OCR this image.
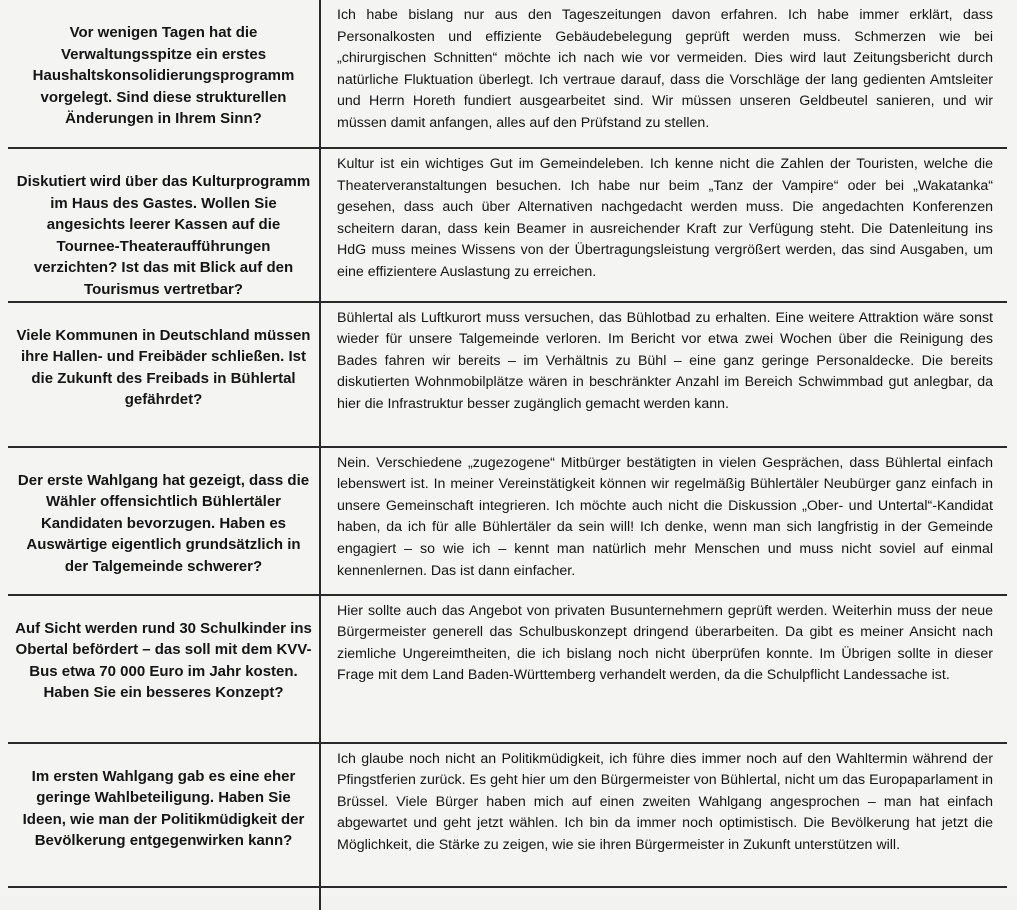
Vor wenigen Tagen hat die Verwaltungsspitze ein erstes Haushaltskonsolidierungsprogramm vorgelegt. Sind diese strukturellen Änderungen in Ihrem Sinn?	Ich habe bislang nur aus den Tageszeitungen davon erfahren. Ich habe immer erklärt, dass Personalkosten und effiziente Gebäudebelegung geprüft werden muss. Schmerzen wie bei „chirurgischen Schnitten“ möchte ich nach wie vor vermeiden. Dies wird laut Zeitungsbericht durch natürliche Fluktuation überlegt. Ich vertraue darauf, dass die Vorschläge der lang gedienten Amtsleiter und Herrn Horeth fundiert ausgearbeitet sind. Wir müssen unseren Geldbeutel sanieren, und wir müssen damit anfangen, alles auf den Prüfstand zu stellen.

Diskutiert wird über das Kulturprogramm im Haus des Gastes. Wollen Sie angesichts leerer Kassen auf die Tournee-Theateraufführungen verzichten? Ist das mit Blick auf den Tourismus vertretbar?	Kultur ist ein wichtiges Gut im Gemeindeleben. Ich kenne nicht die Zahlen der Touristen, welche die Theaterveranstaltungen besuchen. Ich habe nur beim „Tanz der Vampire“ oder bei „Wakatanka“ gesehen, dass auch über Alternativen nachgedacht werden muss. Die angedachten Konferenzen scheitern daran, dass kein Beamer in ausreichender Kraft zur Verfügung steht. Die Datenleitung ins HdG muss meines Wissens von der Übertragungsleistung vergrößert werden, das sind Ausgaben, um eine effizientere Auslastung zu erreichen.

Viele Kommunen in Deutschland müssen ihre Hallen- und Freibäder schließen. Ist die Zukunft des Freibads in Bühlertal gefährdet?	Bühlertal als Luftkurort muss versuchen, das Bühlotbad zu erhalten. Eine weitere Attraktion wäre sonst wieder für unsere Talgemeinde verloren. Im Bericht vor etwa zwei Wochen über die Reinigung des Bades fahren wir bereits – im Verhältnis zu Bühl – eine ganz geringe Personaldecke. Die bereits diskutierten Wohnmobilplätze wären in beschränkter Anzahl im Bereich Schwimmbad gut anlegbar, da hier die Infrastruktur besser zugänglich gemacht werden kann.

Der erste Wahlgang hat gezeigt, dass die Wähler offensichtlich Bühlertäler Kandidaten bevorzugen. Haben es Auswärtige eigentlich grundsätzlich in der Talgemeinde schwerer?	Nein. Verschiedene „zugezogene“ Mitbürger bestätigten in vielen Gesprächen, dass Bühlertal einfach lebenswert ist. In meiner Vereinstätigkeit können wir regelmäßig Bühlertäler Neubürger ganz einfach in unsere Gemeinschaft integrieren. Ich möchte auch nicht die Diskussion „Ober- und Untertal“-Kandidat haben, da ich für alle Bühlertäler da sein will! Ich denke, wenn man sich langfristig in der Gemeinde engagiert – so wie ich – kennt man natürlich mehr Menschen und muss nicht soviel auf einmal kennenlernen. Das ist dann einfacher.

Auf Sicht werden rund 30 Schulkinder ins Obertal befördert – das soll mit dem KVV-Bus etwa 70 000 Euro im Jahr kosten. Haben Sie ein besseres Konzept?	Hier sollte auch das Angebot von privaten Busunternehmern geprüft werden. Weiterhin muss der neue Bürgermeister generell das Schulbuskonzept dringend überarbeiten. Da gibt es meiner Ansicht nach ziemliche Ungereimtheiten, die ich bislang noch nicht überprüfen konnte. Im Übrigen sollte in dieser Frage mit dem Land Baden-Württemberg verhandelt werden, da die Schulpflicht Landessache ist.

Im ersten Wahlgang gab es eine eher geringe Wahlbeteiligung. Haben Sie Ideen, wie man der Politikmüdigkeit der Bevölkerung entgegenwirken kann?	Ich glaube noch nicht an Politikmüdigkeit, ich führe dies immer noch auf den Wahltermin während der Pfingstferien zurück. Es geht hier um den Bürgermeister von Bühlertal, nicht um das Europaparlament in Brüssel. Viele Bürger haben mich auf einen zweiten Wahlgang angesprochen – man hat einfach abgewartet und geht jetzt wählen. Ich bin da immer noch optimistisch. Die Bevölkerung hat jetzt die Möglichkeit, die Stärke zu zeigen, wie sie ihren Bürgermeister in Zukunft unterstützen will.
